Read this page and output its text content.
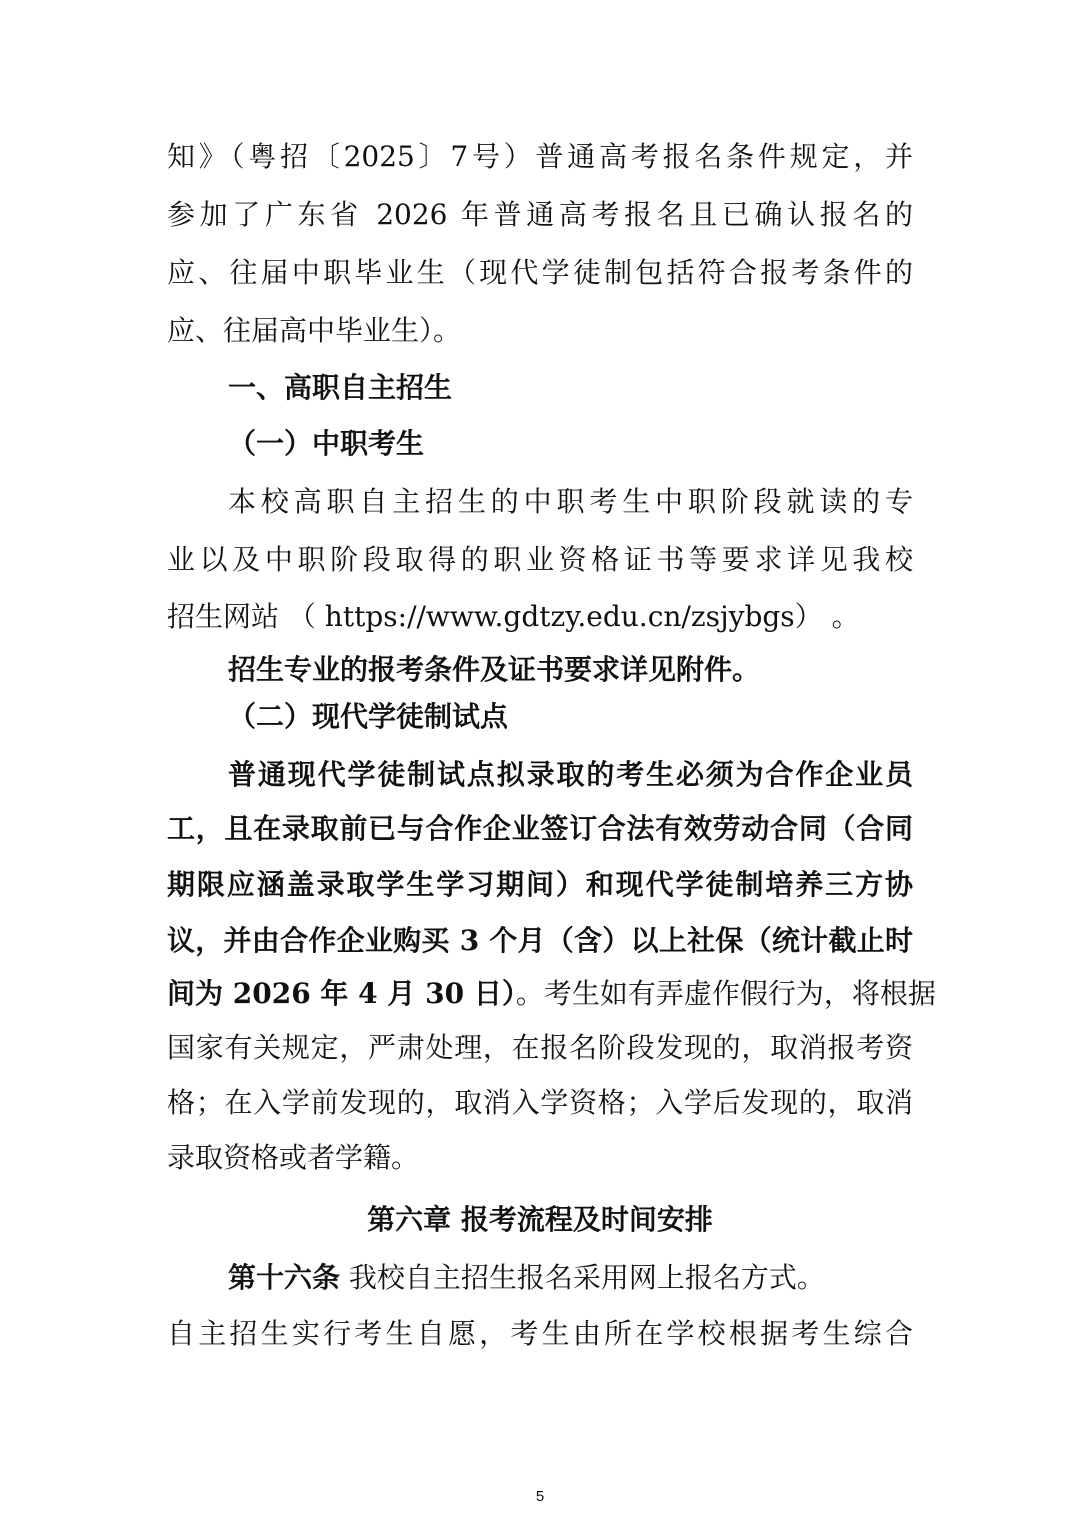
知》（粤招〔2025〕7号）普通高考报名条件规定，并

参加了广东省 2026 年普通高考报名且已确认报名的

应、往届中职毕业生（现代学徒制包括符合报考条件的

应、往届高中毕业生）。

一、高职自主招生

（一）中职考生

本校高职自主招生的中职考生中职阶段就读的专

业以及中职阶段取得的职业资格证书等要求详见我校

招生网站 （ https://www.gdtzy.edu.cn/zsjybgs） 。

招生专业的报考条件及证书要求详见附件。

（二）现代学徒制试点

普通现代学徒制试点拟录取的考生必须为合作企业员

工，且在录取前已与合作企业签订合法有效劳动合同（合同

期限应涵盖录取学生学习期间）和现代学徒制培养三方协

议，并由合作企业购买 3 个月（含）以上社保（统计截止时

间为 2026 年 4 月 30 日）。考生如有弄虚作假行为，将根据

国家有关规定，严肃处理，在报名阶段发现的，取消报考资

格；在入学前发现的，取消入学资格；入学后发现的，取消

录取资格或者学籍。

第六章 报考流程及时间安排

第十六条 我校自主招生报名采用网上报名方式。

自主招生实行考生自愿，考生由所在学校根据考生综合

5
